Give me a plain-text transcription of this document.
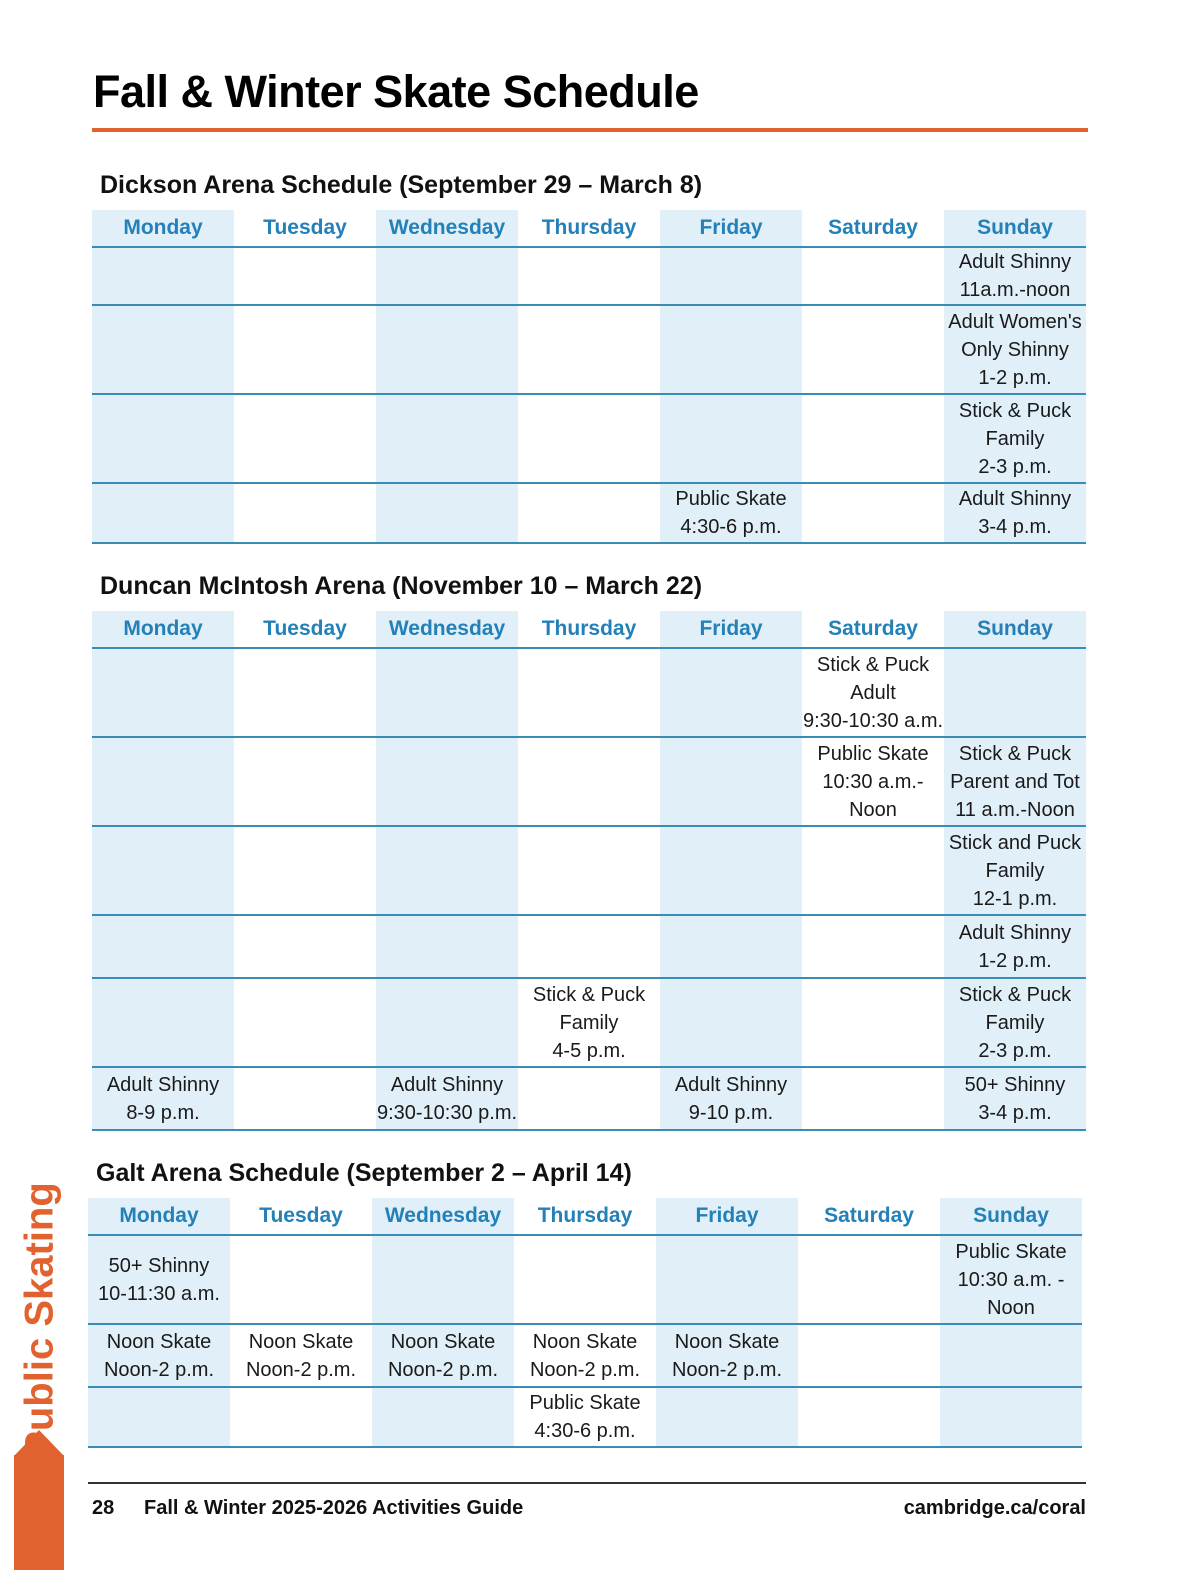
Fall & Winter Skate Schedule
Dickson Arena Schedule (September 29 – March 8)
Monday	Tuesday	Wednesday	Thursday	Friday	Saturday	Sunday

						Adult Shinny
11a.m.-noon

						Adult Women's
Only Shinny
1-2 p.m.

						Stick & Puck
Family
2-3 p.m.

				Public Skate
4:30-6 p.m.		Adult Shinny
3-4 p.m.
Duncan McIntosh Arena (November 10 – March 22)
Monday	Tuesday	Wednesday	Thursday	Friday	Saturday	Sunday

					Stick & Puck
Adult
9:30-10:30 a.m.	

					Public Skate
10:30 a.m.-
Noon	Stick & Puck
Parent and Tot
11 a.m.-Noon

						Stick and Puck
Family
12-1 p.m.

						Adult Shinny
1-2 p.m.

			Stick & Puck
Family
4-5 p.m.			Stick & Puck
Family
2-3 p.m.

Adult Shinny
8-9 p.m.		Adult Shinny
9:30-10:30 p.m.		Adult Shinny
9-10 p.m.		50+ Shinny
3-4 p.m.
Galt Arena Schedule (September 2 – April 14)
Monday	Tuesday	Wednesday	Thursday	Friday	Saturday	Sunday

50+ Shinny
10-11:30 a.m.						Public Skate
10:30 a.m. -
Noon

Noon Skate
Noon-2 p.m.	Noon Skate
Noon-2 p.m.	Noon Skate
Noon-2 p.m.	Noon Skate
Noon-2 p.m.	Noon Skate
Noon-2 p.m.		

			Public Skate
4:30-6 p.m.			

Public Skating
28 Fall & Winter 2025-2026 Activities Guide	cambridge.ca/coral
